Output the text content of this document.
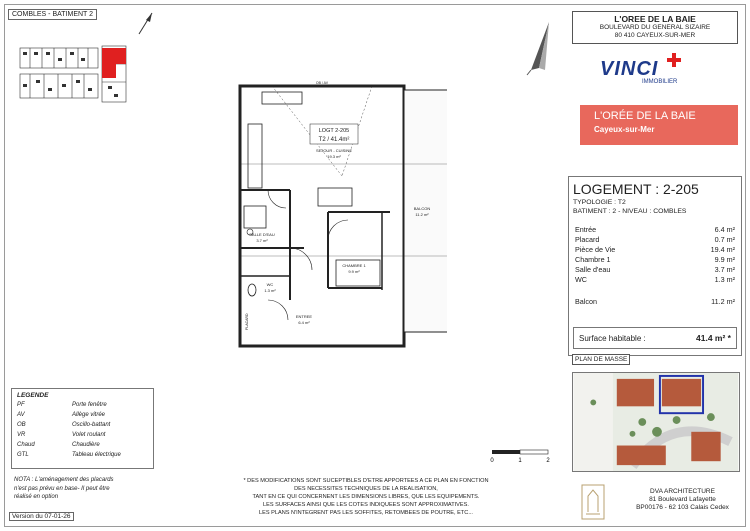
COMBLES - BATIMENT 2
LOGT 2-205
T2 / 41.4m²
SEJOUR - CUISINE
19.3 m²
SALLE D'EAU
3.7 m²
CHAMBRE 1
9.9 m²
WC
1.3 m²
ENTREE
6.4 m²
BALCON
11.2 m²
PLACARD
OB / AV
L'OREE DE LA BAIE
BOULEVARD DU GENERAL SIZAIRE
80 410 CAYEUX-SUR-MER
VINCI
IMMOBILIER
L'ORÉE DE LA BAIE
Cayeux-sur-Mer
LOGEMENT : 2-205
TYPOLOGIE : T2
BATIMENT : 2 - NIVEAU : COMBLES
Entrée	6.4 m²
Placard	0.7 m²
Pièce de Vie	19.4 m²
Chambre 1	9.9 m²
Salle d'eau	3.7 m²
WC	1.3 m²
Balcon	11.2 m²
Surface habitable :	41.4 m² *
PLAN DE MASSE
DVA ARCHITECTURE
81 Boulevard Lafayette
BP00176 - 62 103 Calais Cedex
LEGENDE
PF	Porte fenêtre
AV	Allège vitrée
OB	Oscillo-battant
VR	Volet roulant
Chaud	Chaudière
GTL	Tableau électrique
NOTA : L'aménagement des placards
n'est pas prévu en base- Il peut être
réalisé en option
Version du 07-01-26
* DES MODIFICATIONS SONT SUCEPTIBLES D'ETRE APPORTEES A CE PLAN EN FONCTION
DES NECESSITES TECHNIQUES DE LA REALISATION,
TANT EN CE QUI CONCERNENT LES DIMENSIONS LIBRES, QUE LES EQUIPEMENTS.
LES SURFACES AINSI QUE LES COTES INDIQUEES SONT APPROXIMATIVES.
LES PLANS N'INTEGRENT PAS LES SOFFITES, RETOMBEES DE POUTRE, ETC...
0	1	2
